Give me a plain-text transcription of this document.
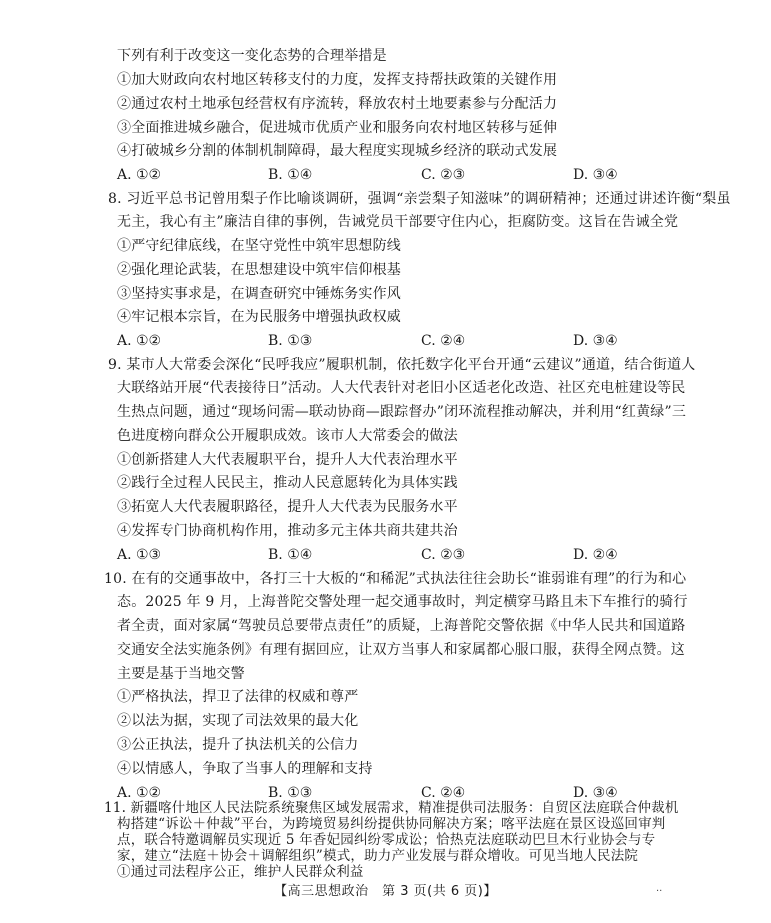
下列有利于改变这一变化态势的合理举措是
①加大财政向农村地区转移支付的力度，发挥支持帮扶政策的关键作用
②通过农村土地承包经营权有序流转，释放农村土地要素参与分配活力
③全面推进城乡融合，促进城市优质产业和服务向农村地区转移与延伸
④打破城乡分割的体制机制障碍，最大程度实现城乡经济的联动式发展
A. ①②	B. ①④	C. ②③	D. ③④
8. 习近平总书记曾用梨子作比喻谈调研，强调“亲尝梨子知滋味”的调研精神；还通过讲述许衡“梨虽
无主，我心有主”廉洁自律的事例，告诫党员干部要守住内心，拒腐防变。这旨在告诫全党
①严守纪律底线，在坚守党性中筑牢思想防线
②强化理论武装，在思想建设中筑牢信仰根基
③坚持实事求是，在调查研究中锤炼务实作风
④牢记根本宗旨，在为民服务中增强执政权威
A. ①②	B. ①③	C. ②④	D. ③④
9. 某市人大常委会深化“民呼我应”履职机制，依托数字化平台开通“云建议”通道，结合街道人
大联络站开展“代表接待日”活动。人大代表针对老旧小区适老化改造、社区充电桩建设等民
生热点问题，通过“现场问需—联动协商—跟踪督办”闭环流程推动解决，并利用“红黄绿”三
色进度榜向群众公开履职成效。该市人大常委会的做法
①创新搭建人大代表履职平台，提升人大代表治理水平
②践行全过程人民民主，推动人民意愿转化为具体实践
③拓宽人大代表履职路径，提升人大代表为民服务水平
④发挥专门协商机构作用，推动多元主体共商共建共治
A. ①③	B. ①④	C. ②③	D. ②④
10. 在有的交通事故中，各打三十大板的“和稀泥”式执法往往会助长“谁弱谁有理”的行为和心
态。2025 年 9 月，上海普陀交警处理一起交通事故时，判定横穿马路且未下车推行的骑行
者全责，面对家属“驾驶员总要带点责任”的质疑，上海普陀交警依据《中华人民共和国道路
交通安全法实施条例》有理有据回应，让双方当事人和家属都心服口服，获得全网点赞。这
主要是基于当地交警
①严格执法，捍卫了法律的权威和尊严
②以法为据，实现了司法效果的最大化
③公正执法，提升了执法机关的公信力
④以情感人，争取了当事人的理解和支持
A. ①②	B. ①③	C. ②④	D. ③④
【高三思想政治　第 3 页(共 6 页)】	..
11. 新疆喀什地区人民法院系统聚焦区域发展需求，精准提供司法服务：自贸区法庭联合仲裁机
构搭建“诉讼＋仲裁”平台，为跨境贸易纠纷提供协同解决方案；喀平法庭在景区设巡回审判
点，联合特邀调解员实现近 5 年香妃园纠纷零成讼；恰热克法庭联动巴旦木行业协会与专
家，建立“法庭＋协会＋调解组织”模式，助力产业发展与群众增收。可见当地人民法院
①通过司法程序公正，维护人民群众利益
